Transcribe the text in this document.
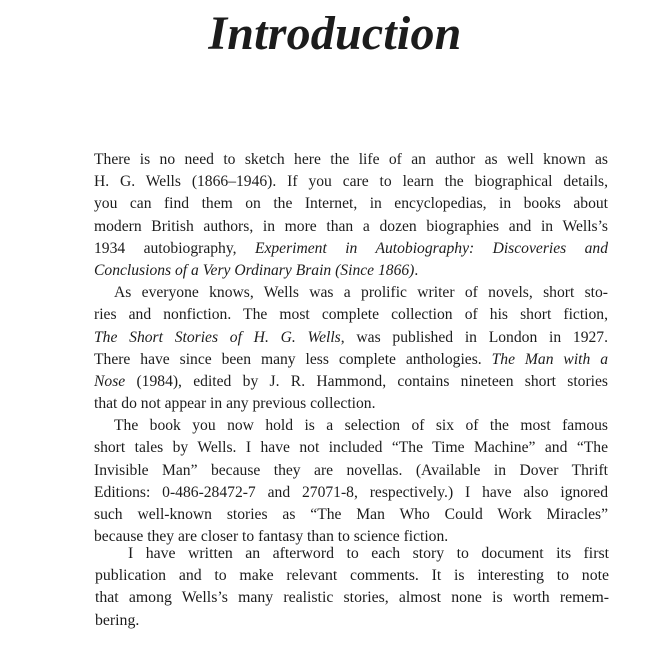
Introduction
There is no need to sketch here the life of an author as well known as
H. G. Wells (1866–1946). If you care to learn the biographical details,
you can find them on the Internet, in encyclopedias, in books about
modern British authors, in more than a dozen biographies and in Wells’s
1934 autobiography, Experiment in Autobiography: Discoveries and
Conclusions of a Very Ordinary Brain (Since 1866).
As everyone knows, Wells was a prolific writer of novels, short sto-
ries and nonfiction. The most complete collection of his short fiction,
The Short Stories of H. G. Wells, was published in London in 1927.
There have since been many less complete anthologies. The Man with a
Nose (1984), edited by J. R. Hammond, contains nineteen short stories
that do not appear in any previous collection.
The book you now hold is a selection of six of the most famous
short tales by Wells. I have not included “The Time Machine” and “The
Invisible Man” because they are novellas. (Available in Dover Thrift
Editions: 0-486-28472-7 and 27071-8, respectively.) I have also ignored
such well-known stories as “The Man Who Could Work Miracles”
because they are closer to fantasy than to science fiction.
I have written an afterword to each story to document its first
publication and to make relevant comments. It is interesting to note
that among Wells’s many realistic stories, almost none is worth remem-
bering.
